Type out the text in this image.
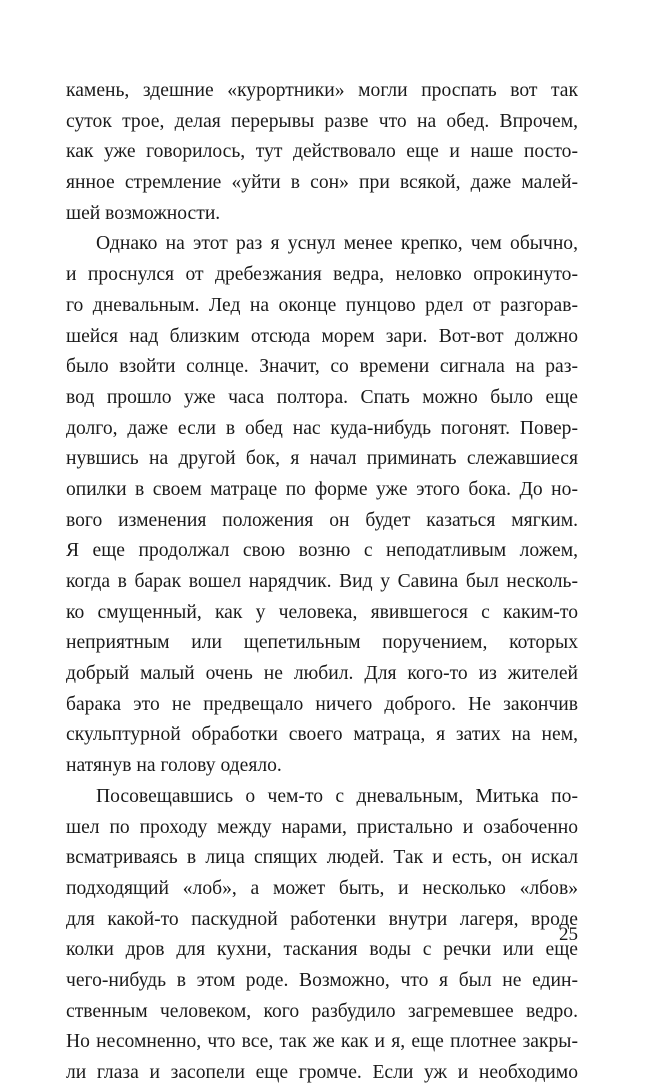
камень, здешние «курортники» могли проспать вот так
суток трое, делая перерывы разве что на обед. Впрочем,
как уже говорилось, тут действовало еще и наше посто-
янное стремление «уйти в сон» при всякой, даже малей-
шей возможности.
Однако на этот раз я уснул менее крепко, чем обычно,
и проснулся от дребезжания ведра, неловко опрокинуто-
го дневальным. Лед на оконце пунцово рдел от разгорав-
шейся над близким отсюда морем зари. Вот-вот должно
было взойти солнце. Значит, со времени сигнала на раз-
вод прошло уже часа полтора. Спать можно было еще
долго, даже если в обед нас куда-нибудь погонят. Повер-
нувшись на другой бок, я начал приминать слежавшиеся
опилки в своем матраце по форме уже этого бока. До но-
вого изменения положения он будет казаться мягким.
Я еще продолжал свою возню с неподатливым ложем,
когда в барак вошел нарядчик. Вид у Савина был несколь-
ко смущенный, как у человека, явившегося с каким-то
неприятным или щепетильным поручением, которых
добрый малый очень не любил. Для кого-то из жителей
барака это не предвещало ничего доброго. Не закончив
скульптурной обработки своего матраца, я затих на нем,
натянув на голову одеяло.
Посовещавшись о чем-то с дневальным, Митька по-
шел по проходу между нарами, пристально и озабоченно
всматриваясь в лица спящих людей. Так и есть, он искал
подходящий «лоб», а может быть, и несколько «лбов»
для какой-то паскудной работенки внутри лагеря, вроде
колки дров для кухни, таскания воды с речки или еще
чего-нибудь в этом роде. Возможно, что я был не един-
ственным человеком, кого разбудило загремевшее ведро.
Но несомненно, что все, так же как и я, еще плотнее закры-
ли глаза и засопели еще громче. Если уж и необходимо
25
